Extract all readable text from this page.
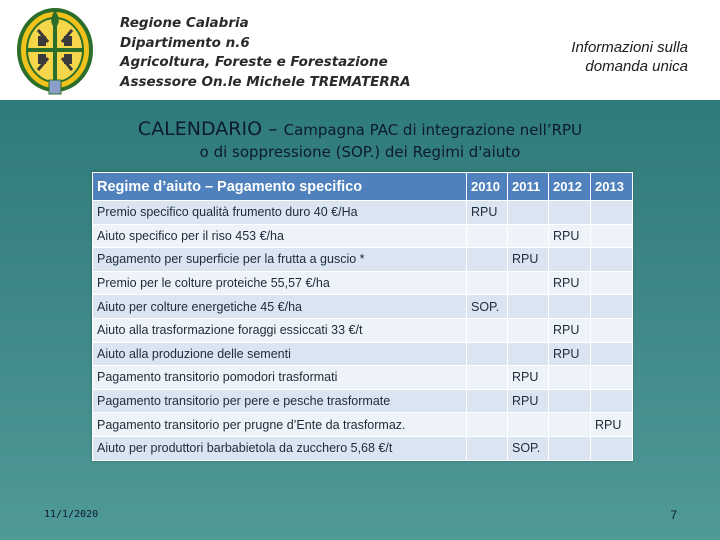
Regione Calabria
Dipartimento n.6
Agricoltura, Foreste e Forestazione
Assessore On.le Michele TREMATERRA
Informazioni sulla
domanda unica
CALENDARIO – Campagna PAC di integrazione nell’RPU
o di soppressione (SOP.) dei Regimi d'aiuto
Regime d’aiuto – Pagamento specifico	2010	2011	2012	2013
Premio specifico qualità frumento duro 40 €/Ha	RPU			
Aiuto specifico per il riso 453 €/ha			RPU	
Pagamento per superficie per la frutta a guscio *		RPU		
Premio per le colture proteiche 55,57 €/ha			RPU	
Aiuto per colture energetiche 45 €/ha	SOP.			
Aiuto alla trasformazione foraggi essiccati 33 €/t			RPU	
Aiuto alla produzione delle sementi			RPU	
Pagamento transitorio pomodori trasformati		RPU		
Pagamento transitorio per pere e pesche trasformate		RPU		
Pagamento transitorio per prugne d’Ente da trasformaz.				RPU
Aiuto per produttori barbabietola da zucchero 5,68 €/t		SOP.		
11/1/2020	7
